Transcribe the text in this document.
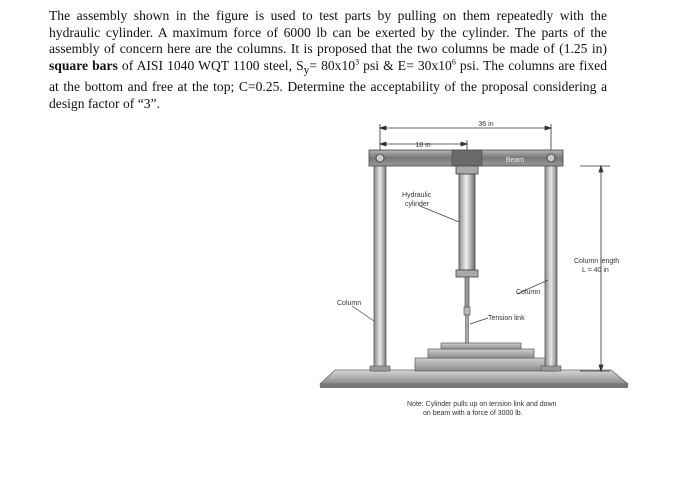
The assembly shown in the figure is used to test parts by pulling on them repeatedly with the hydraulic cylinder. A maximum force of 6000 lb can be exerted by the cylinder. The parts of the assembly of concern here are the columns. It is proposed that the two columns be made of (1.25 in) square bars of AISI 1040 WQT 1100 steel, $S_y= 80x10^3$ psi & $E= 30x10^6$ psi. The columns are fixed at the bottom and free at the top; C=0.25. Determine the acceptability of the proposal considering a design factor of “3”.

36 in
18 in
Beam
Hydraulic
cylinder
Column length
L = 40 in
Column
Column
Tension link
Note: Cylinder pulls up on tension link and down
on beam with a force of 3000 lb.
